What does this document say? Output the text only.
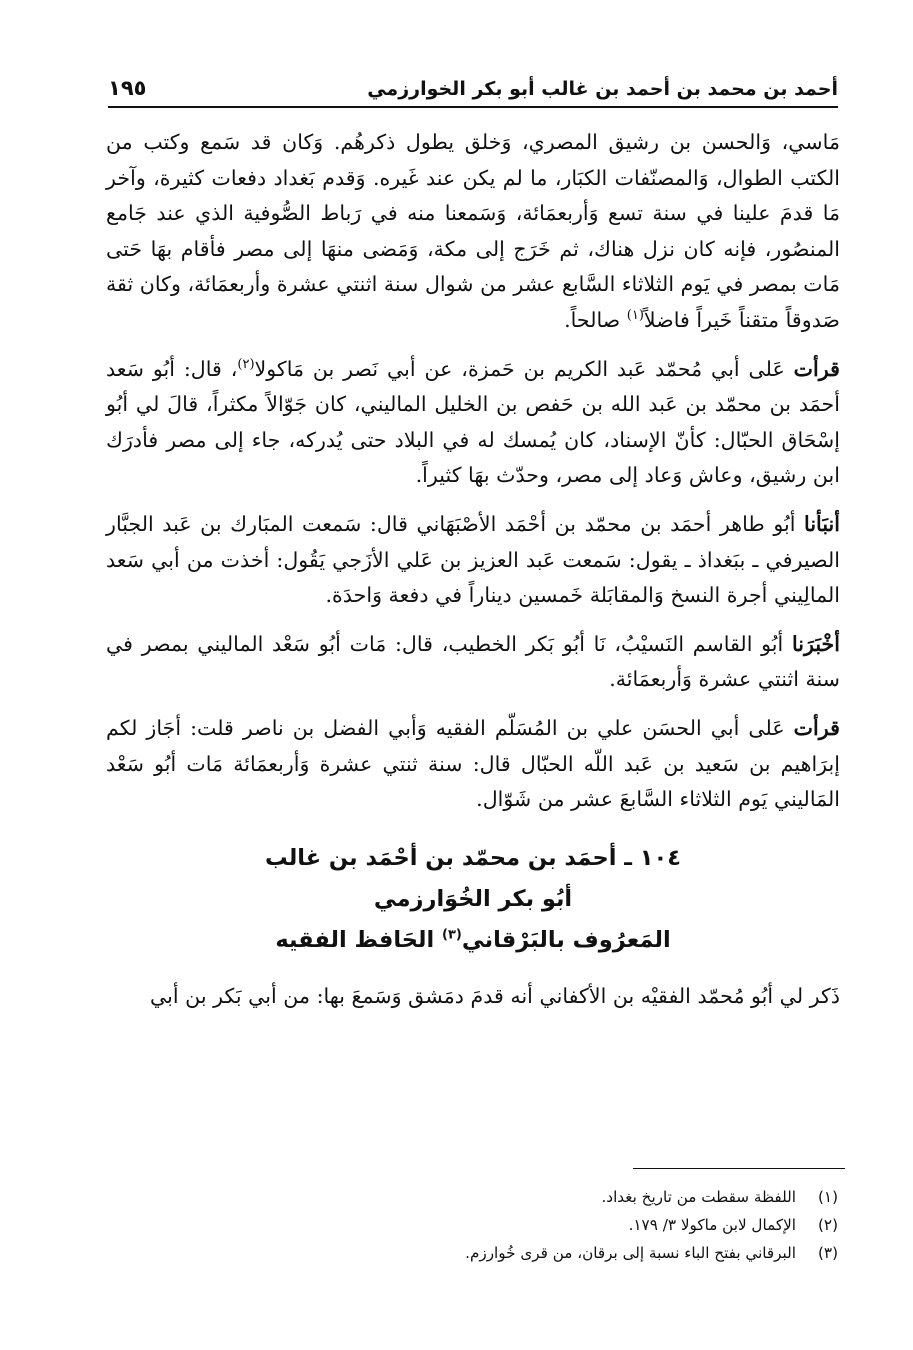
أحمد بن محمد بن أحمد بن غالب أبو بكر الخوارزمي
١٩٥

مَاسي، وَالحسن بن رشيق المصري، وَخلق يطول ذكرهُم. وَكان قد سَمع وكتب من الكتب الطوال، وَالمصنّفات الكبَار، ما لم يكن عند غَيره. وَقدم بَغداد دفعات كثيرة، وآخر مَا قدمَ علينا في سنة تسع وَأربعمَائة، وَسَمعنا منه في رَباط الصُّوفية الذي عند جَامع المنصُور، فإنه كان نزل هناك، ثم خَرَج إلى مكة، وَمَضى منهَا إلى مصر فأقام بهَا حَتى مَات بمصر في يَوم الثلاثاء السَّابع عشر من شوال سنة اثنتي عشرة وأربعمَائة، وكان ثقة صَدوقاً متقناً خَيراً فاضلاً$^{(١)}$ صالحاً.

قرأت عَلى أبي مُحمّد عَبد الكريم بن حَمزة، عن أبي نَصر بن مَاكولا$^{(٢)}$، قال: أبُو سَعد أحمَد بن محمّد بن عَبد الله بن حَفص بن الخليل الماليني، كان جَوّالاً مكثراً، قالَ لي أبُو إسْحَاق الحبّال: كأنّ الإسناد، كان يُمسك له في البلاد حتى يُدركه، جاء إلى مصر فأدرَك ابن رشيق، وعاش وَعاد إلى مصر، وحدّث بهَا كثيراً.

أنبَأنا أبُو طاهر أحمَد بن محمّد بن أحْمَد الأصْبَهَاني قال: سَمعت المبَارك بن عَبد الجبَّار الصيرفي ـ ببَغداذ ـ يقول: سَمعت عَبد العزيز بن عَلي الأزَجي يَقُول: أخذت من أبي سَعد المالِيني أجرة النسخ وَالمقابَلة خَمسين ديناراً في دفعة وَاحدَة.

أخْبَرَنا أبُو القاسم النَسيْبُ، نَا أبُو بَكر الخطيب، قال: مَات أبُو سَعْد الماليني بمصر في سنة اثنتي عشرة وَأربعمَائة.

قرأت عَلى أبي الحسَن علي بن المُسَلّم الفقيه وَأبي الفضل بن ناصر قلت: أجَاز لكم إبرَاهيم بن سَعيد بن عَبد اللّه الحبّال قال: سنة ثنتي عشرة وَأربعمَائة مَات أبُو سَعْد المَاليني يَوم الثلاثاء السَّابعَ عشر من شَوّال.

١٠٤ ـ أحمَد بن محمّد بن أحْمَد بن غالب
أبُو بكر الخُوَارزمي
المَعرُوف بالبَرْقاني$^{(٣)}$ الحَافظ الفقيه

ذَكر لي أبُو مُحمّد الفقيْه بن الأكفاني أنه قدمَ دمَشق وَسَمعَ بها: من أبي بَكر بن أبي

(١)
اللفظة سقطت من تاريخ بغداد.
(٢)
الإكمال لابن ماكولا ٣/ ١٧٩.
(٣)
البرقاني بفتح الباء نسبة إلى برقان، من قرى خُوارزم.
